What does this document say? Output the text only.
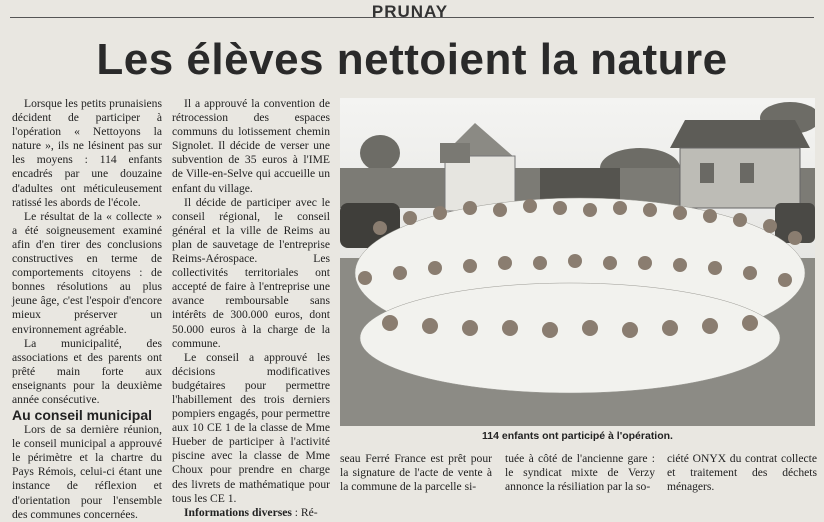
PRUNAY
Les élèves nettoient la nature

Lorsque les petits prunaisiens décident de participer à l'opération « Nettoyons la nature », ils ne lésinent pas sur les moyens : 114 enfants encadrés par une douzaine d'adultes ont méticuleusement ratissé les abords de l'école.

Le résultat de la « collecte » a été soigneusement examiné afin d'en tirer des conclusions constructives en terme de comportements citoyens : de bonnes résolutions au plus jeune âge, c'est l'espoir d'encore mieux préserver un environnement agréable.

La municipalité, des associations et des parents ont prêté main forte aux enseignants pour la deuxième année consécutive.

Au conseil municipal

Lors de sa dernière réunion, le conseil municipal a approuvé le périmètre et la chartre du Pays Rémois, celui-ci étant une instance de réflexion et d'orientation pour l'ensemble des communes concernées.

Il a approuvé la convention de rétrocession des espaces communs du lotissement chemin Signolet. Il décide de verser une subvention de 35 euros à l'IME de Ville-en-Selve qui accueille un enfant du village.

Il décide de participer avec le conseil régional, le conseil général et la ville de Reims au plan de sauvetage de l'entreprise Reims-Aérospace. Les collectivités territoriales ont accepté de faire à l'entreprise une avance remboursable sans intérêts de 300.000 euros, dont 50.000 euros à la charge de la commune.

Le conseil a approuvé les décisions modificatives budgétaires pour permettre l'habillement des trois derniers pompiers engagés, pour permettre aux 10 CE 1 de la classe de Mme Hueber de participer à l'activité piscine avec la classe de Mme Choux pour prendre en charge des livrets de mathématique pour tous les CE 1.

Informations diverses : Ré-

114 enfants ont participé à l'opération.
seau Ferré France est prêt pour la signature de l'acte de vente à la commune de la parcelle si-
tuée à côté de l'ancienne gare : le syndicat mixte de Verzy annonce la résiliation par la so-
ciété ONYX du contrat collecte et traitement des déchets ménagers.
